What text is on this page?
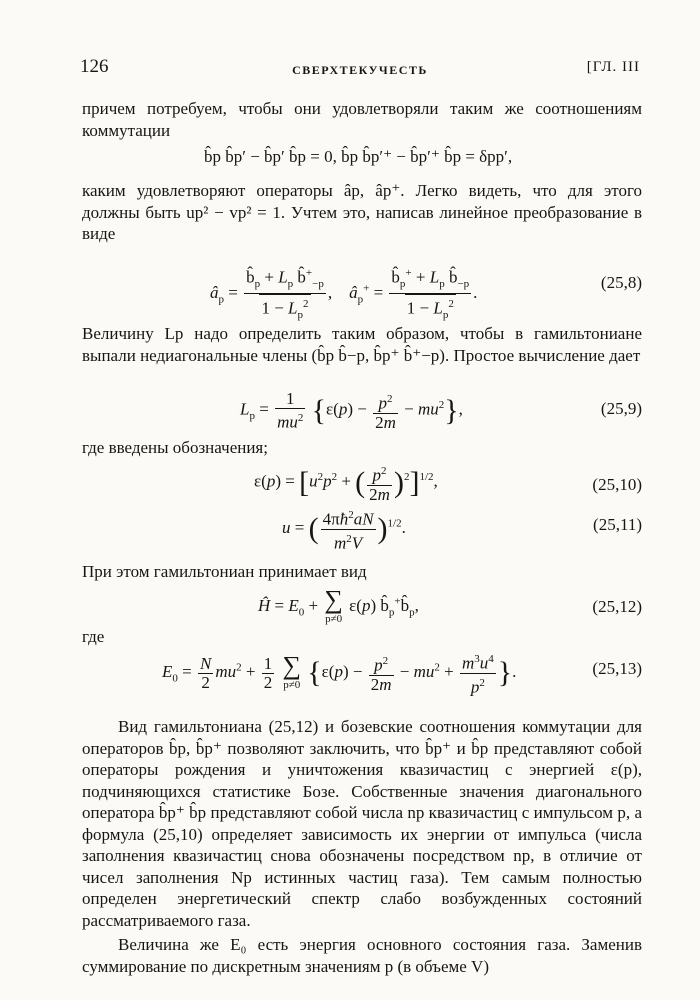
126	СВЕРХТЕКУЧЕСТЬ	[ГЛ. III

причем потребуем, чтобы они удовлетворяли таким же соотношениям коммутации

b̂p b̂p′ − b̂p′ b̂p = 0, b̂p b̂p′⁺ − b̂p′⁺ b̂p = δpp′,

каким удовлетворяют операторы âp, âp⁺. Легко видеть, что для этого должны быть up² − vp² = 1. Учтем это, написав линейное преобразование в виде

$â_p = \frac{b̂_p + L_p b̂^+_{-p}}{1 - L_p^2}$ ,    $â_p^+ = \frac{b̂_p^+ + L_p b̂_{-p}}{1 - L_p^2}$ .
(25,8)

Величину Lp надо определить таким образом, чтобы в гамильтониане выпали недиагональные члены (b̂p b̂−p, b̂p⁺ b̂⁺−p). Простое вычисление дает

$L_p = \frac{1}{mu^2} \{\varepsilon(p) - \frac{p^2}{2m} - mu^2\}$,	(25,9)

где введены обозначения;

$\varepsilon(p) = [u^2p^2$ + ( $\frac{p^2}{2m} )^2]^{1/2}$,	(25,10)
u = ( $\frac{4\pi ħ^2aN}{m^2V} )^{1/2}$.	(25,11)

При этом гамильтониан принимает вид

Ĥ = $E_0$ + ∑
p≠0
ε(p) $b̂_p^+b̂_p$,	(25,12)

где

$E_0 = \frac{N}{2} mu^2 + \frac{1}{2}$
∑
p≠0 {$\varepsilon(p) - \frac{p^2}{2m} - mu^2 + \frac{m^3u^4}{p^2}$ }.	(25,13)

Вид гамильтониана (25,12) и бозевские соотношения коммутации для операторов b̂p, b̂p⁺ позволяют заключить, что b̂p⁺ и b̂p представляют собой операторы рождения и уничтожения квазичастиц с энергией ε(p), подчиняющихся статистике Бозе. Собственные значения диагонального оператора b̂p⁺ b̂p представляют собой числа np квазичастиц с импульсом p, а формула (25,10) определяет зависимость их энергии от импульса (числа заполнения квазичастиц снова обозначены посредством np, в отличие от чисел заполнения Np истинных частиц газа). Тем самым полностью определен энергетический спектр слабо возбужденных состояний рассматриваемого газа.

Величина же E₀ есть энергия основного состояния газа. Заменив суммирование по дискретным значениям p (в объеме V)
